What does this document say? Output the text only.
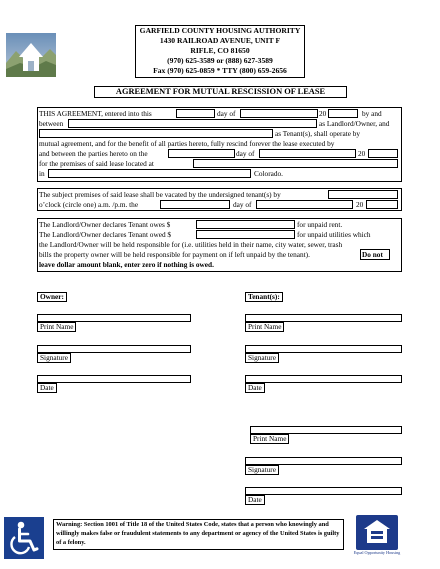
GARFIELD COUNTY HOUSING AUTHORITY
1430 RAILROAD AVENUE, UNIT F
RIFLE, CO 81650
(970) 625-3589 or (888) 627-3589
Fax (970) 625-0859 * TTY (800) 659-2656
AGREEMENT FOR MUTUAL RESCISSION OF LEASE
THIS AGREEMENT, entered into this	day of	20	by and
between	as Landlord/Owner, and
as Tenant(s), shall operate by
mutual agreement, and for the benefit of all parties hereto, fully rescind forever the lease executed by
and between the parties hereto on the	day of	20
for the premises of said lease located at
in	Colorado.
The subject premises of said lease shall be vacated by the undersigned tenant(s) by
o’clock (circle one) a.m. /p.m. the	day of	20
The Landlord/Owner declares Tenant owes $	for unpaid rent.
The Landlord/Owner declares Tenant owed $	for unpaid utilities which
the Landlord/Owner will be held responsible for (i.e. utilities held in their name, city water, sewer, trash
bills the property owner will be held responsible for payment on if left unpaid by the tenant).	Do not
leave dollar amount blank, enter zero if nothing is owed.
Owner:
Print Name
Signature
Date
Tenant(s):
Print Name
Signature
Date
Print Name
Signature
Date
Warning: Section 1001 of Title 18 of the United States Code, states that a person who knowingly and willingly makes false or fraudulent statements to any department or agency of the United States is guilty of a felony.
Equal Opportunity Housing
